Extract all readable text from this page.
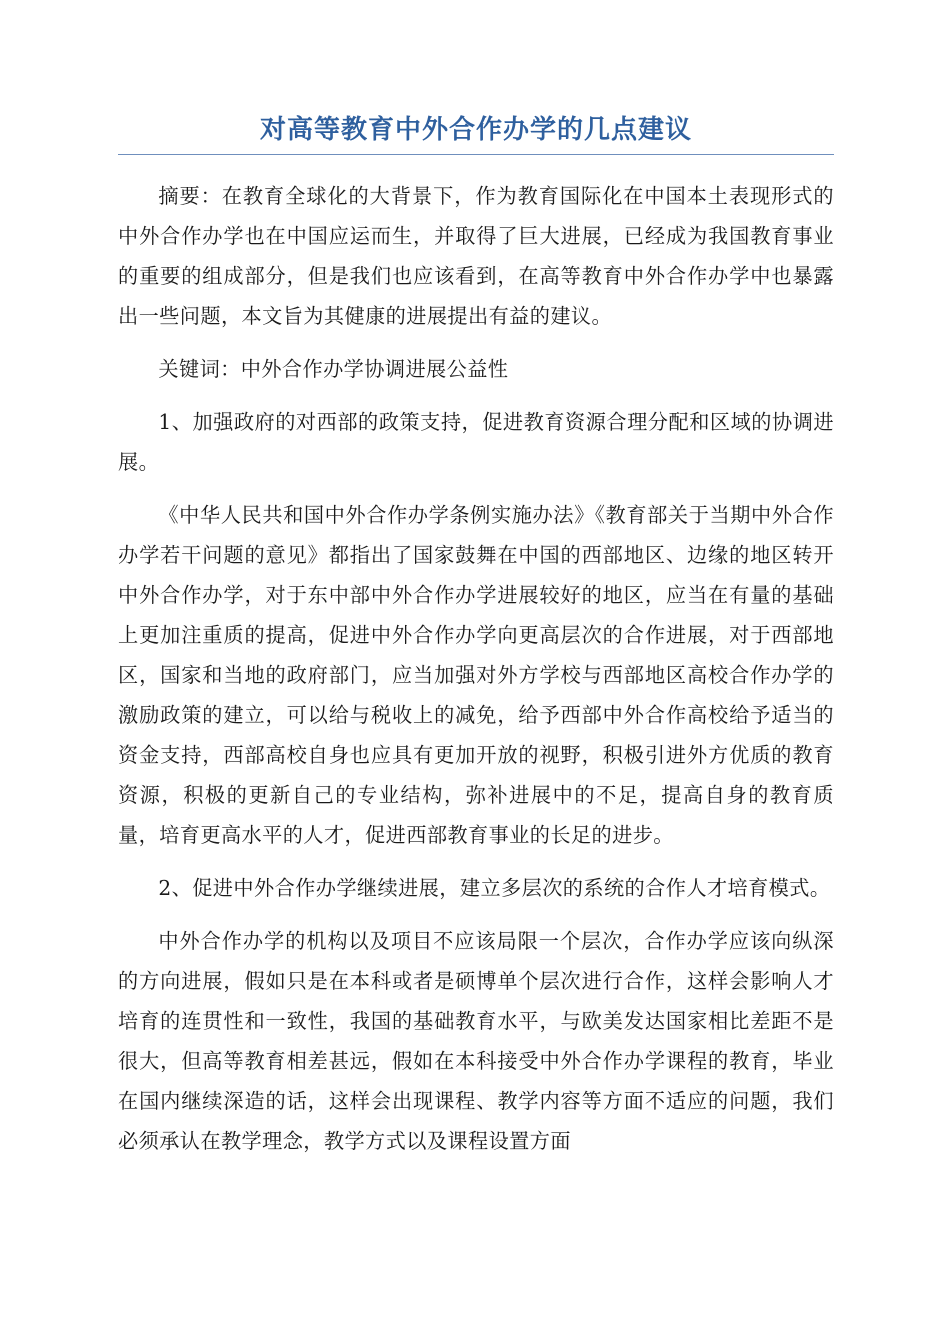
对高等教育中外合作办学的几点建议

摘要：在教育全球化的大背景下，作为教育国际化在中国本土表现形式的中外合作办学也在中国应运而生，并取得了巨大进展，已经成为我国教育事业的重要的组成部分，但是我们也应该看到，在高等教育中外合作办学中也暴露出一些问题，本文旨为其健康的进展提出有益的建议。

关键词：中外合作办学协调进展公益性

1、加强政府的对西部的政策支持，促进教育资源合理分配和区域的协调进展。

《中华人民共和国中外合作办学条例实施办法》《教育部关于当期中外合作办学若干问题的意见》都指出了国家鼓舞在中国的西部地区、边缘的地区转开中外合作办学，对于东中部中外合作办学进展较好的地区，应当在有量的基础上更加注重质的提高，促进中外合作办学向更高层次的合作进展，对于西部地区，国家和当地的政府部门，应当加强对外方学校与西部地区高校合作办学的激励政策的建立，可以给与税收上的减免，给予西部中外合作高校给予适当的资金支持，西部高校自身也应具有更加开放的视野，积极引进外方优质的教育资源，积极的更新自己的专业结构，弥补进展中的不足，提高自身的教育质量，培育更高水平的人才，促进西部教育事业的长足的进步。

2、促进中外合作办学继续进展，建立多层次的系统的合作人才培育模式。

中外合作办学的机构以及项目不应该局限一个层次，合作办学应该向纵深的方向进展，假如只是在本科或者是硕博单个层次进行合作，这样会影响人才培育的连贯性和一致性，我国的基础教育水平，与欧美发达国家相比差距不是很大，但高等教育相差甚远，假如在本科接受中外合作办学课程的教育，毕业在国内继续深造的话，这样会出现课程、教学内容等方面不适应的问题，我们必须承认在教学理念，教学方式以及课程设置方面
